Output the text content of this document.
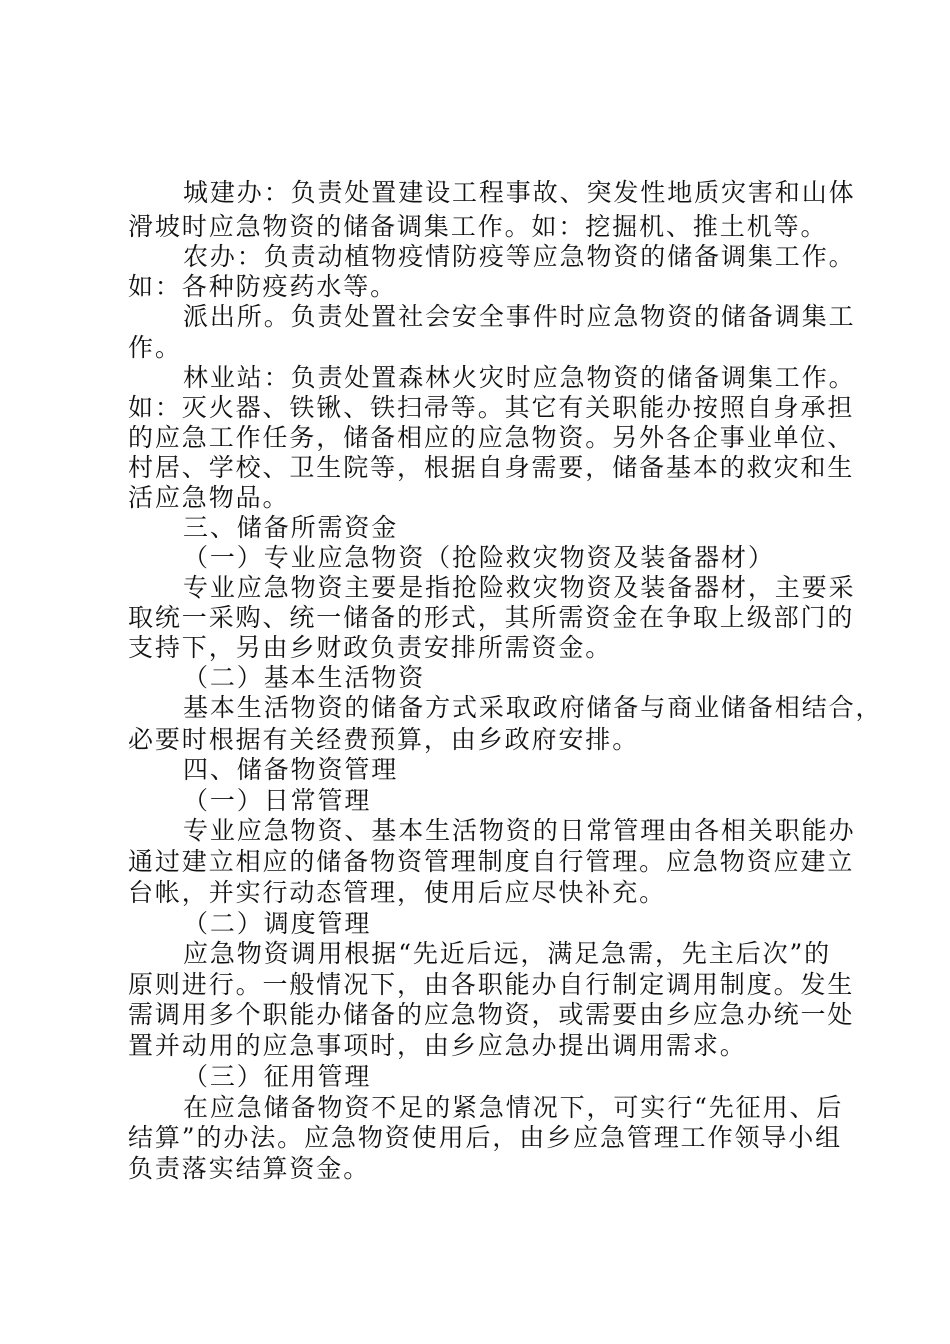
城建办：负责处置建设工程事故、突发性地质灾害和山体
滑坡时应急物资的储备调集工作。如：挖掘机、推土机等。
农办：负责动植物疫情防疫等应急物资的储备调集工作。
如：各种防疫药水等。
派出所。负责处置社会安全事件时应急物资的储备调集工
作。
林业站：负责处置森林火灾时应急物资的储备调集工作。
如：灭火器、铁锹、铁扫帚等。其它有关职能办按照自身承担
的应急工作任务，储备相应的应急物资。另外各企事业单位、
村居、学校、卫生院等，根据自身需要，储备基本的救灾和生
活应急物品。
三、储备所需资金
（一）专业应急物资（抢险救灾物资及装备器材）
专业应急物资主要是指抢险救灾物资及装备器材，主要采
取统一采购、统一储备的形式，其所需资金在争取上级部门的
支持下，另由乡财政负责安排所需资金。
（二）基本生活物资
基本生活物资的储备方式采取政府储备与商业储备相结合，
必要时根据有关经费预算，由乡政府安排。
四、储备物资管理
（一）日常管理
专业应急物资、基本生活物资的日常管理由各相关职能办
通过建立相应的储备物资管理制度自行管理。应急物资应建立
台帐，并实行动态管理，使用后应尽快补充。
（二）调度管理
应急物资调用根据“先近后远，满足急需，先主后次”的
原则进行。一般情况下，由各职能办自行制定调用制度。发生
需调用多个职能办储备的应急物资，或需要由乡应急办统一处
置并动用的应急事项时，由乡应急办提出调用需求。
（三）征用管理
在应急储备物资不足的紧急情况下，可实行“先征用、后
结算”的办法。应急物资使用后，由乡应急管理工作领导小组
负责落实结算资金。
